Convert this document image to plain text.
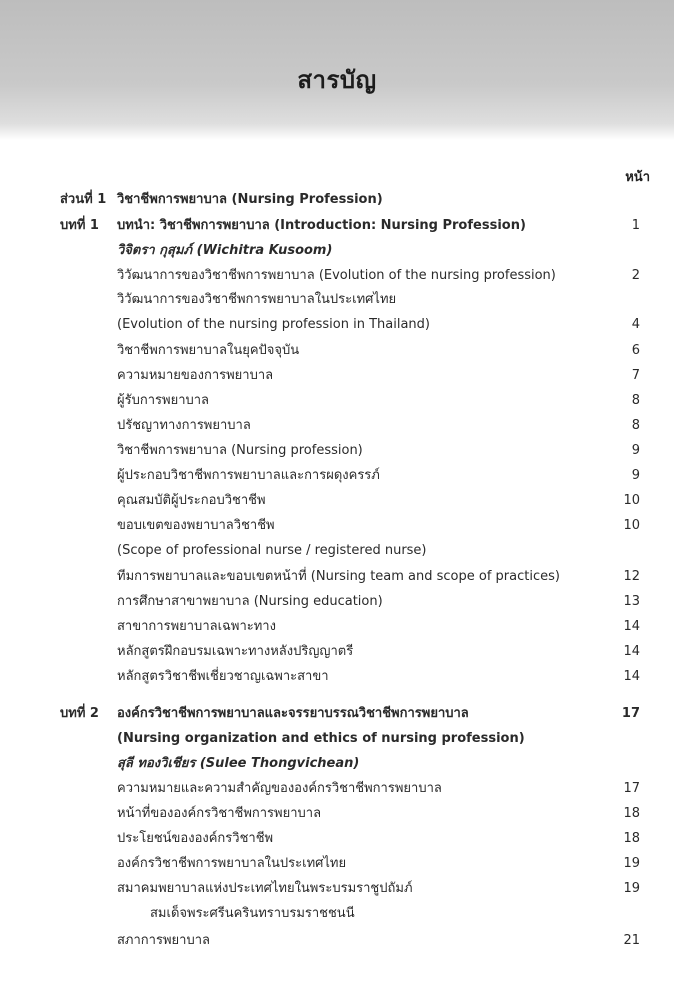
สารบัญ
หน้า
ส่วนที่ 1 วิชาชีพการพยาบาล (Nursing Profession)
บทที่ 1 บทนำ: วิชาชีพการพยาบาล (Introduction: Nursing Profession)	1
วิจิตรา กุสุมภ์ (Wichitra Kusoom)
วิวัฒนาการของวิชาชีพการพยาบาล (Evolution of the nursing profession)	2
วิวัฒนาการของวิชาชีพการพยาบาลในประเทศไทย
(Evolution of the nursing profession in Thailand)	4
วิชาชีพการพยาบาลในยุคปัจจุบัน	6
ความหมายของการพยาบาล	7
ผู้รับการพยาบาล	8
ปรัชญาทางการพยาบาล	8
วิชาชีพการพยาบาล (Nursing profession)	9
ผู้ประกอบวิชาชีพการพยาบาลและการผดุงครรภ์	9
คุณสมบัติผู้ประกอบวิชาชีพ	10
ขอบเขตของพยาบาลวิชาชีพ	10
(Scope of professional nurse / registered nurse)
ทีมการพยาบาลและขอบเขตหน้าที่ (Nursing team and scope of practices)	12
การศึกษาสาขาพยาบาล (Nursing education)	13
สาขาการพยาบาลเฉพาะทาง	14
หลักสูตรฝึกอบรมเฉพาะทางหลังปริญญาตรี	14
หลักสูตรวิชาชีพเชี่ยวชาญเฉพาะสาขา	14
บทที่ 2 องค์กรวิชาชีพการพยาบาลและจรรยาบรรณวิชาชีพการพยาบาล	17
(Nursing organization and ethics of nursing profession)
สุลี ทองวิเชียร (Sulee Thongvichean)
ความหมายและความสำคัญขององค์กรวิชาชีพการพยาบาล	17
หน้าที่ขององค์กรวิชาชีพการพยาบาล	18
ประโยชน์ขององค์กรวิชาชีพ	18
องค์กรวิชาชีพการพยาบาลในประเทศไทย	19
สมาคมพยาบาลแห่งประเทศไทยในพระบรมราชูปถัมภ์	19
สมเด็จพระศรีนครินทราบรมราชชนนี
สภาการพยาบาล	21
